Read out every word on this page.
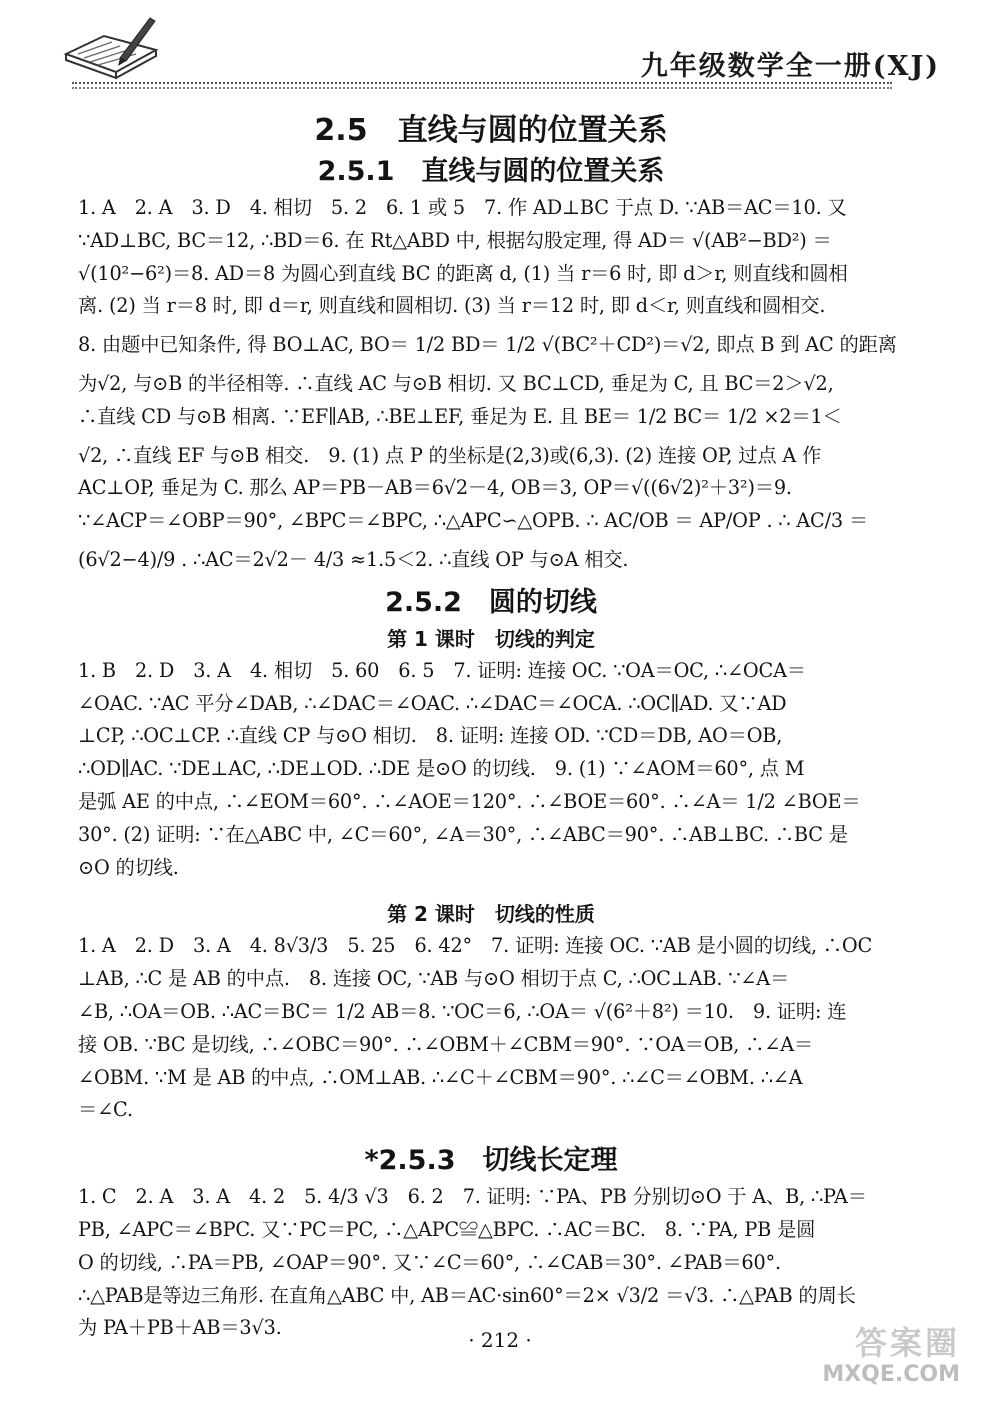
九年级数学全一册(XJ)
2.5　直线与圆的位置关系
2.5.1　直线与圆的位置关系

1. A　2. A　3. D　4. 相切　5. 2　6. 1 或 5　7. 作 AD⊥BC 于点 D. ∵AB＝AC＝10. 又

∵AD⊥BC, BC＝12, ∴BD＝6. 在 Rt△ABD 中, 根据勾股定理, 得 AD＝ √(AB²−BD²) ＝

√(10²−6²)＝8. AD＝8 为圆心到直线 BC 的距离 d, (1) 当 r＝6 时, 即 d＞r, 则直线和圆相

离. (2) 当 r＝8 时, 即 d＝r, 则直线和圆相切. (3) 当 r＝12 时, 即 d＜r, 则直线和圆相交.

8. 由题中已知条件, 得 BO⊥AC, BO＝ 1/2 BD＝ 1/2 √(BC²＋CD²)＝√2, 即点 B 到 AC 的距离

为√2, 与⊙B 的半径相等. ∴直线 AC 与⊙B 相切. 又 BC⊥CD, 垂足为 C, 且 BC＝2＞√2,

∴直线 CD 与⊙B 相离. ∵EF∥AB, ∴BE⊥EF, 垂足为 E. 且 BE＝ 1/2 BC＝ 1/2 ×2＝1＜

√2, ∴直线 EF 与⊙B 相交.　9. (1) 点 P 的坐标是(2,3)或(6,3). (2) 连接 OP, 过点 A 作

AC⊥OP, 垂足为 C. 那么 AP＝PB－AB＝6√2－4, OB＝3, OP＝√((6√2)²＋3²)＝9.

∵∠ACP＝∠OBP＝90°, ∠BPC＝∠BPC, ∴△APC∽△OPB. ∴ AC/OB ＝ AP/OP . ∴ AC/3 ＝

(6√2−4)/9 . ∴AC＝2√2－ 4/3 ≈1.5＜2. ∴直线 OP 与⊙A 相交.

2.5.2　圆的切线
第 1 课时　切线的判定

1. B　2. D　3. A　4. 相切　5. 60　6. 5　7. 证明: 连接 OC. ∵OA＝OC, ∴∠OCA＝

∠OAC. ∵AC 平分∠DAB, ∴∠DAC＝∠OAC. ∴∠DAC＝∠OCA. ∴OC∥AD. 又∵AD

⊥CP, ∴OC⊥CP. ∴直线 CP 与⊙O 相切.　8. 证明: 连接 OD. ∵CD＝DB, AO＝OB,

∴OD∥AC. ∵DE⊥AC, ∴DE⊥OD. ∴DE 是⊙O 的切线.　9. (1) ∵∠AOM＝60°, 点 M

是弧 AE 的中点, ∴∠EOM＝60°. ∴∠AOE＝120°. ∴∠BOE＝60°. ∴∠A＝ 1/2 ∠BOE＝

30°. (2) 证明: ∵在△ABC 中, ∠C＝60°, ∠A＝30°, ∴∠ABC＝90°. ∴AB⊥BC. ∴BC 是

⊙O 的切线.

第 2 课时　切线的性质

1. A　2. D　3. A　4. 8√3/3　5. 25　6. 42°　7. 证明: 连接 OC. ∵AB 是小圆的切线, ∴OC

⊥AB, ∴C 是 AB 的中点.　8. 连接 OC, ∵AB 与⊙O 相切于点 C, ∴OC⊥AB. ∵∠A＝

∠B, ∴OA＝OB. ∴AC＝BC＝ 1/2 AB＝8. ∵OC＝6, ∴OA＝ √(6²＋8²) ＝10.　9. 证明: 连

接 OB. ∵BC 是切线, ∴∠OBC＝90°. ∴∠OBM＋∠CBM＝90°. ∵OA＝OB, ∴∠A＝

∠OBM. ∵M 是 AB 的中点, ∴OM⊥AB. ∴∠C＋∠CBM＝90°. ∴∠C＝∠OBM. ∴∠A

＝∠C.

*2.5.3　切线长定理

1. C　2. A　3. A　4. 2　5. 4/3 √3　6. 2　7. 证明: ∵PA、PB 分别切⊙O 于 A、B, ∴PA＝

PB, ∠APC＝∠BPC. 又∵PC＝PC, ∴△APC≌△BPC. ∴AC＝BC.　8. ∵PA, PB 是圆

O 的切线, ∴PA＝PB, ∠OAP＝90°. 又∵∠C＝60°, ∴∠CAB＝30°. ∠PAB＝60°.

∴△PAB是等边三角形. 在直角△ABC 中, AB＝AC·sin60°＝2× √3/2 ＝√3. ∴△PAB 的周长

为 PA＋PB＋AB＝3√3.

· 212 ·	答案圈
MXQE.COM
